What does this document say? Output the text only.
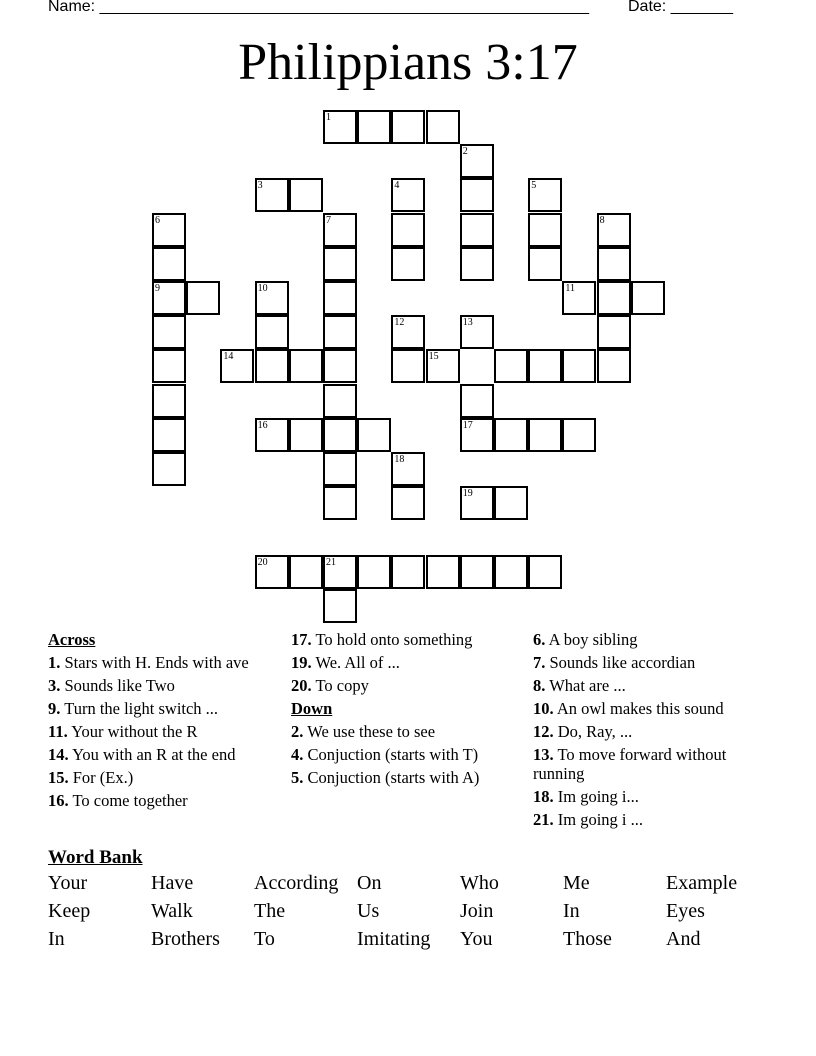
Name: _______________________________________________________ Date: _______
Philippians 3:17
1
2
3	4	5
6
9
7	8
10	11
12	13
14	15
16	17
18
19
20	21
Across
1. Stars with H. Ends with ave
3. Sounds like Two
9. Turn the light switch ...
11. Your without the R
14. You with an R at the end
15. For (Ex.)
16. To come together
17. To hold onto something
19. We. All of ...
20. To copy
Down
2. We use these to see
4. Conjuction (starts with T)
5. Conjuction (starts with A)
6. A boy sibling
7. Sounds like accordian
8. What are ...
10. An owl makes this sound
12. Do, Ray, ...
13. To move forward without running
18. Im going i...
21. Im going i ...
Word Bank
Your	Have	According On	Who	Me	Example
Keep	Walk	The	Us	Join	In	Eyes
In	Brothers	To	Imitating	You	Those	And
